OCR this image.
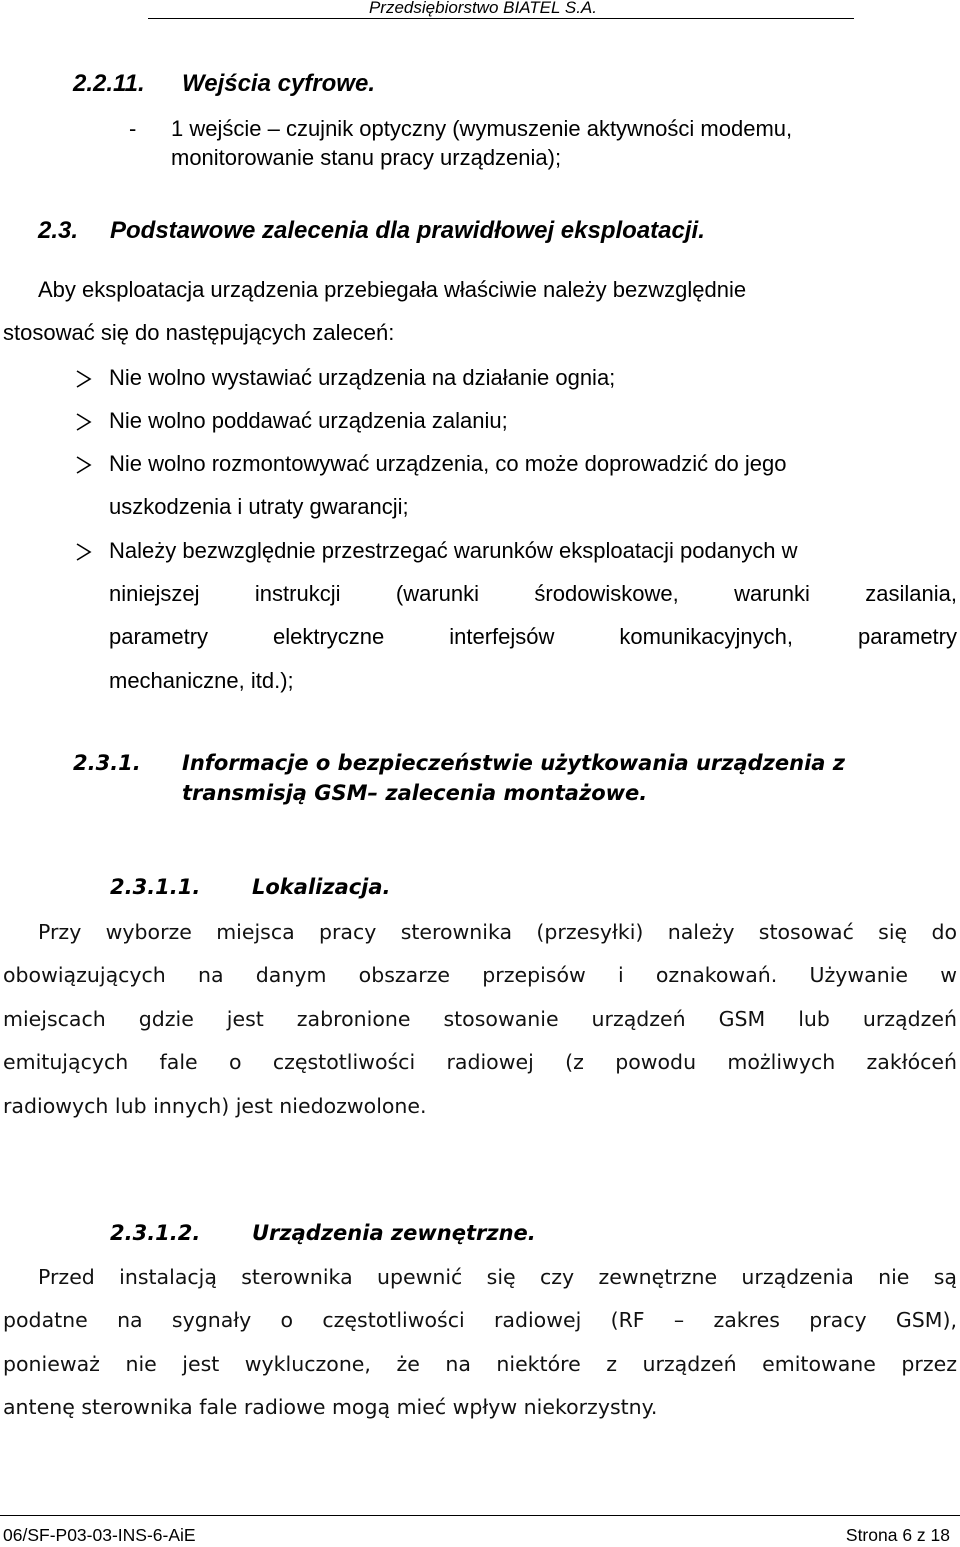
Przedsiębiorstwo BIATEL S.A.
2.2.11. Wejścia cyfrowe.
- 1 wejście – czujnik optyczny (wymuszenie aktywności modemu,
monitorowanie stanu pracy urządzenia);
2.3. Podstawowe zalecenia dla prawidłowej eksploatacji.
Aby eksploatacja urządzenia przebiegała właściwie należy bezwzględnie
stosować się do następujących zaleceń:
Nie wolno wystawiać urządzenia na działanie ognia;
Nie wolno poddawać urządzenia zalaniu;
Nie wolno rozmontowywać urządzenia, co może doprowadzić do jego
uszkodzenia i utraty gwarancji;
Należy bezwzględnie przestrzegać warunków eksploatacji podanych w
niniejszej instrukcji (warunki środowiskowe, warunki zasilania,
parametry elektryczne interfejsów komunikacyjnych, parametry
mechaniczne, itd.);
2.3.1. Informacje o bezpieczeństwie użytkowania urządzenia z
transmisją GSM– zalecenia montażowe.
2.3.1.1. Lokalizacja.
Przy wyborze miejsca pracy sterownika (przesyłki) należy stosować się do
obowiązujących na danym obszarze przepisów i oznakowań. Używanie w
miejscach gdzie jest zabronione stosowanie urządzeń GSM lub urządzeń
emitujących fale o częstotliwości radiowej (z powodu możliwych zakłóceń
radiowych lub innych) jest niedozwolone.
2.3.1.2. Urządzenia zewnętrzne.
Przed instalacją sterownika upewnić się czy zewnętrzne urządzenia nie są
podatne na sygnały o częstotliwości radiowej (RF – zakres pracy GSM),
ponieważ nie jest wykluczone, że na niektóre z urządzeń emitowane przez
antenę sterownika fale radiowe mogą mieć wpływ niekorzystny.
06/SF-P03-03-INS-6-AiE	Strona 6 z 18
